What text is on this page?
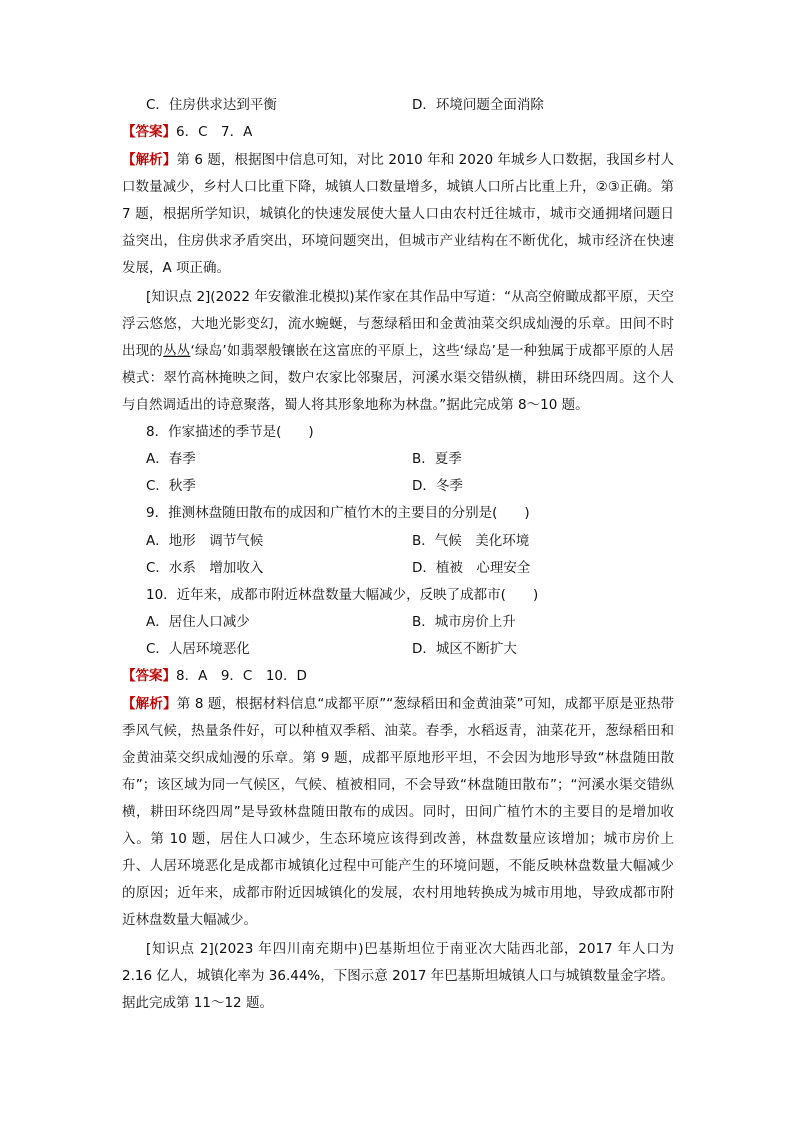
C．住房供求达到平衡	D．环境问题全面消除
【答案】6．C　7．A

【解析】第 6 题，根据图中信息可知，对比 2010 年和 2020 年城乡人口数据，我国乡村人口数量减少，乡村人口比重下降，城镇人口数量增多，城镇人口所占比重上升，②③正确。第 7 题，根据所学知识，城镇化的快速发展使大量人口由农村迁往城市，城市交通拥堵问题日益突出，住房供求矛盾突出，环境问题突出，但城市产业结构在不断优化，城市经济在快速发展，A 项正确。

[知识点 2](2022 年安徽淮北模拟)某作家在其作品中写道：“从高空俯瞰成都平原，天空浮云悠悠，大地光影变幻，流水蜿蜒，与葱绿稻田和金黄油菜交织成灿漫的乐章。田间不时出现的丛丛‘绿岛’如翡翠般镶嵌在这富庶的平原上，这些‘绿岛’是一种独属于成都平原的人居模式：翠竹高林掩映之间，数户农家比邻聚居，河溪水渠交错纵横，耕田环绕四周。这个人与自然调适出的诗意聚落，蜀人将其形象地称为林盘。”据此完成第 8～10 题。

8．作家描述的季节是(　　)
A．春季	B．夏季
C．秋季	D．冬季
9．推测林盘随田散布的成因和广植竹木的主要目的分别是(　　)
A．地形　调节气候	B．气候　美化环境
C．水系　增加收入	D．植被　心理安全
10．近年来，成都市附近林盘数量大幅减少，反映了成都市(　　)
A．居住人口减少	B．城市房价上升
C．人居环境恶化	D．城区不断扩大
【答案】8．A　9．C　10．D

【解析】第 8 题，根据材料信息“成都平原”“葱绿稻田和金黄油菜”可知，成都平原是亚热带季风气候，热量条件好，可以种植双季稻、油菜。春季，水稻返青，油菜花开，葱绿稻田和金黄油菜交织成灿漫的乐章。第 9 题，成都平原地形平坦，不会因为地形导致“林盘随田散布”；该区域为同一气候区，气候、植被相同，不会导致“林盘随田散布”；“河溪水渠交错纵横，耕田环绕四周”是导致林盘随田散布的成因。同时，田间广植竹木的主要目的是增加收入。第 10 题，居住人口减少，生态环境应该得到改善，林盘数量应该增加；城市房价上升、人居环境恶化是成都市城镇化过程中可能产生的环境问题，不能反映林盘数量大幅减少的原因；近年来，成都市附近因城镇化的发展，农村用地转换成为城市用地，导致成都市附近林盘数量大幅减少。

[知识点 2](2023 年四川南充期中)巴基斯坦位于南亚次大陆西北部，2017 年人口为 2.16 亿人，城镇化率为 36.44%，下图示意 2017 年巴基斯坦城镇人口与城镇数量金字塔。据此完成第 11～12 题。
